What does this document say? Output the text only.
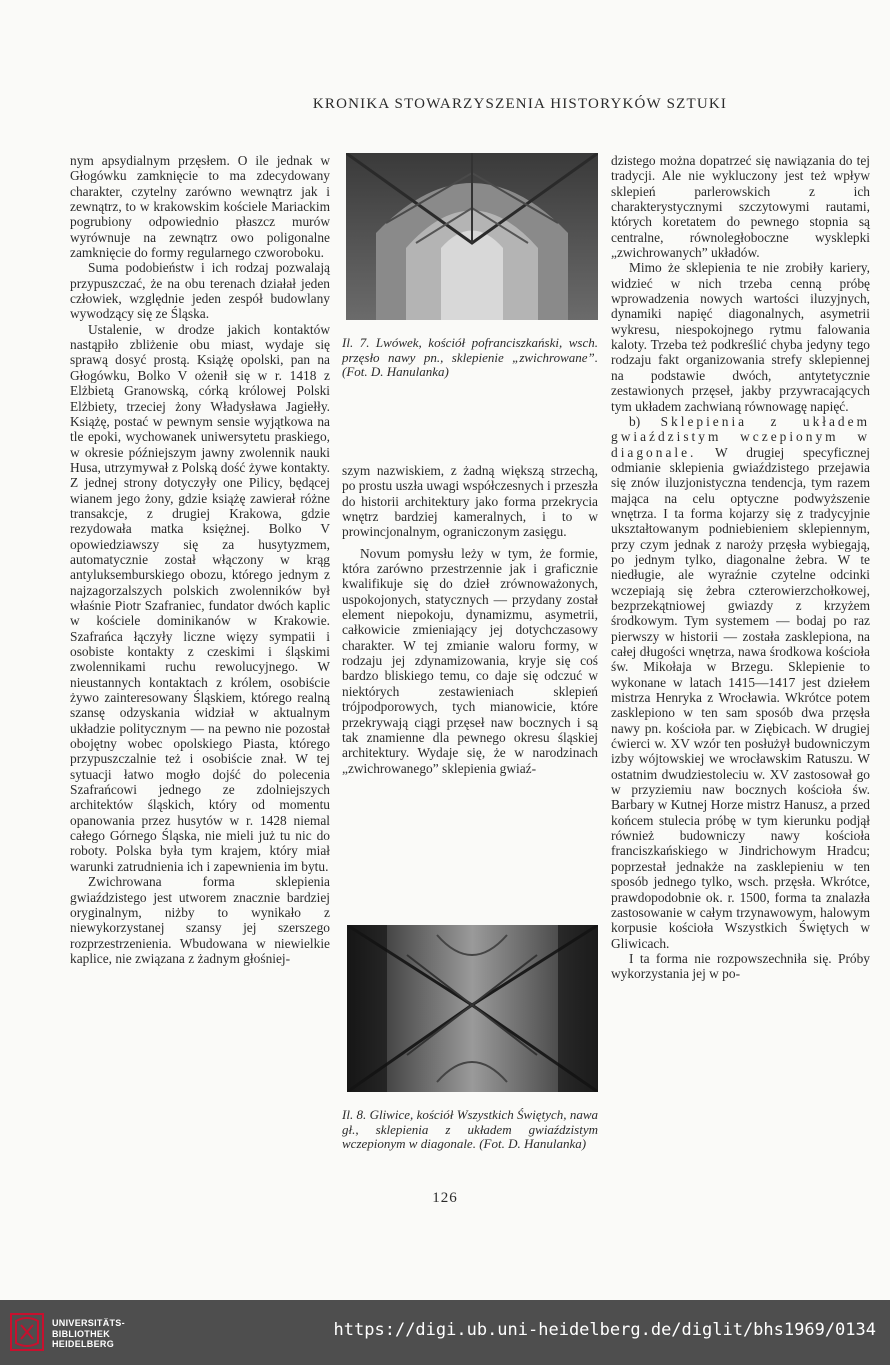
KRONIKA STOWARZYSZENIA HISTORYKÓW SZTUKI

nym apsydialnym przęsłem. O ile jednak w Głogówku zamknięcie to ma zdecydowany charakter, czytelny zarówno wewnątrz jak i zewnątrz, to w krakowskim kościele Mariackim pogrubiony odpowiednio płaszcz murów wyrównuje na zewnątrz owo poligonalne zamknięcie do formy regularnego czworoboku.

Suma podobieństw i ich rodzaj pozwalają przypuszczać, że na obu terenach działał jeden człowiek, względnie jeden zespół budowlany wywodzący się ze Śląska.

Ustalenie, w drodze jakich kontaktów nastąpiło zbliżenie obu miast, wydaje się sprawą dosyć prostą. Książę opolski, pan na Głogówku, Bolko V ożenił się w r. 1418 z Elżbietą Granowską, córką królowej Polski Elżbiety, trzeciej żony Władysława Jagiełły. Książę, postać w pewnym sensie wyjątkowa na tle epoki, wychowanek uniwersytetu praskiego, w okresie późniejszym jawny zwolennik nauki Husa, utrzymywał z Polską dość żywe kontakty. Z jednej strony dotyczyły one Pilicy, będącej wianem jego żony, gdzie książę zawierał różne transakcje, z drugiej Krakowa, gdzie rezydowała matka księżnej. Bolko V opowiedziawszy się za husytyzmem, automatycznie został włączony w krąg antyluksemburskiego obozu, którego jednym z najzagorzalszych polskich zwolenników był właśnie Piotr Szafraniec, fundator dwóch kaplic w kościele dominikanów w Krakowie. Szafrańca łączyły liczne więzy sympatii i osobiste kontakty z czeskimi i śląskimi zwolennikami ruchu rewolucyjnego. W nieustannych kontaktach z królem, osobiście żywo zainteresowany Śląskiem, którego realną szansę odzyskania widział w aktualnym układzie politycznym — na pewno nie pozostał obojętny wobec opolskiego Piasta, którego przypuszczalnie też i osobiście znał. W tej sytuacji łatwo mogło dojść do polecenia Szafrańcowi jednego ze zdolniejszych architektów śląskich, który od momentu opanowania przez husytów w r. 1428 niemal całego Górnego Śląska, nie mieli już tu nic do roboty. Polska była tym krajem, który miał warunki zatrudnienia ich i zapewnienia im bytu.

Zwichrowana forma sklepienia gwiaździstego jest utworem znacznie bardziej oryginalnym, niżby to wynikało z niewykorzystanej szansy jej szerszego rozprzestrzenienia. Wbudowana w niewielkie kaplice, nie związana z żadnym głośniej-

Il. 7. Lwówek, kościół pofranciszkański, wsch. przęsło nawy pn., sklepienie „zwichrowane”. (Fot. D. Hanulanka)

szym nazwiskiem, z żadną większą strzechą, po prostu uszła uwagi współczesnych i przeszła do historii architektury jako forma przekrycia wnętrz bardziej kameralnych, i to w prowincjonalnym, ograniczonym zasięgu.

Novum pomysłu leży w tym, że formie, która zarówno przestrzennie jak i graficznie kwalifikuje się do dzieł zrównoważonych, uspokojonych, statycznych — przydany został element niepokoju, dynamizmu, asymetrii, całkowicie zmieniający jej dotychczasowy charakter. W tej zmianie waloru formy, w rodzaju jej zdynamizowania, kryje się coś bardzo bliskiego temu, co daje się odczuć w niektórych zestawieniach sklepień trójpodporowych, tych mianowicie, które przekrywają ciągi przęseł naw bocznych i są tak znamienne dla pewnego okresu śląskiej architektury. Wydaje się, że w narodzinach „zwichrowanego” sklepienia gwiaź-

Il. 8. Gliwice, kościół Wszystkich Świętych, nawa gł., sklepienia z układem gwiaździstym wczepionym w diagonale. (Fot. D. Hanulanka)

dzistego można dopatrzeć się nawiązania do tej tradycji. Ale nie wykluczony jest też wpływ sklepień parlerowskich z ich charakterystycznymi szczytowymi rautami, których koretatem do pewnego stopnia są centralne, równoległoboczne wysklepki „zwichrowanych” układów.

Mimo że sklepienia te nie zrobiły kariery, widzieć w nich trzeba cenną próbę wprowadzenia nowych wartości iluzyjnych, dynamiki napięć diagonalnych, asymetrii wykresu, niespokojnego rytmu falowania kaloty. Trzeba też podkreślić chyba jedyny tego rodzaju fakt organizowania strefy sklepiennej na podstawie dwóch, antytetycznie zestawionych przęseł, jakby przywracających tym układem zachwianą równowagę napięć.

b) Sklepienia z układem gwiaździstym wczepionym w diagonale. W drugiej specyficznej odmianie sklepienia gwiaździstego przejawia się znów iluzjonistyczna tendencja, tym razem mająca na celu optyczne podwyższenie wnętrza. I ta forma kojarzy się z tradycyjnie ukształtowanym podniebieniem sklepiennym, przy czym jednak z naroży przęsła wybiegają, po jednym tylko, diagonalne żebra. W te niedługie, ale wyraźnie czytelne odcinki wczepiają się żebra czterowierzchołkowej, bezprzekątniowej gwiazdy z krzyżem środkowym. Tym systemem — bodaj po raz pierwszy w historii — została zasklepiona, na całej długości wnętrza, nawa środkowa kościoła św. Mikołaja w Brzegu. Sklepienie to wykonane w latach 1415—1417 jest dziełem mistrza Henryka z Wrocławia. Wkrótce potem zasklepiono w ten sam sposób dwa przęsła nawy pn. kościoła par. w Ziębicach. W drugiej ćwierci w. XV wzór ten posłużył budowniczym izby wójtowskiej we wrocławskim Ratuszu. W ostatnim dwudziestoleciu w. XV zastosował go w przyziemiu naw bocznych kościoła św. Barbary w Kutnej Horze mistrz Hanusz, a przed końcem stulecia próbę w tym kierunku podjął również budowniczy nawy kościoła franciszkańskiego w Jindrichowym Hradcu; poprzestał jednakże na zasklepieniu w ten sposób jednego tylko, wsch. przęsła. Wkrótce, prawdopodobnie ok. r. 1500, forma ta znalazła zastosowanie w całym trzynawowym, halowym korpusie kościoła Wszystkich Świętych w Gliwicach.

I ta forma nie rozpowszechniła się. Próby wykorzystania jej w po-

126
UNIVERSITÄTS-
BIBLIOTHEK
HEIDELBERG
https://digi.ub.uni-heidelberg.de/diglit/bhs1969/0134
